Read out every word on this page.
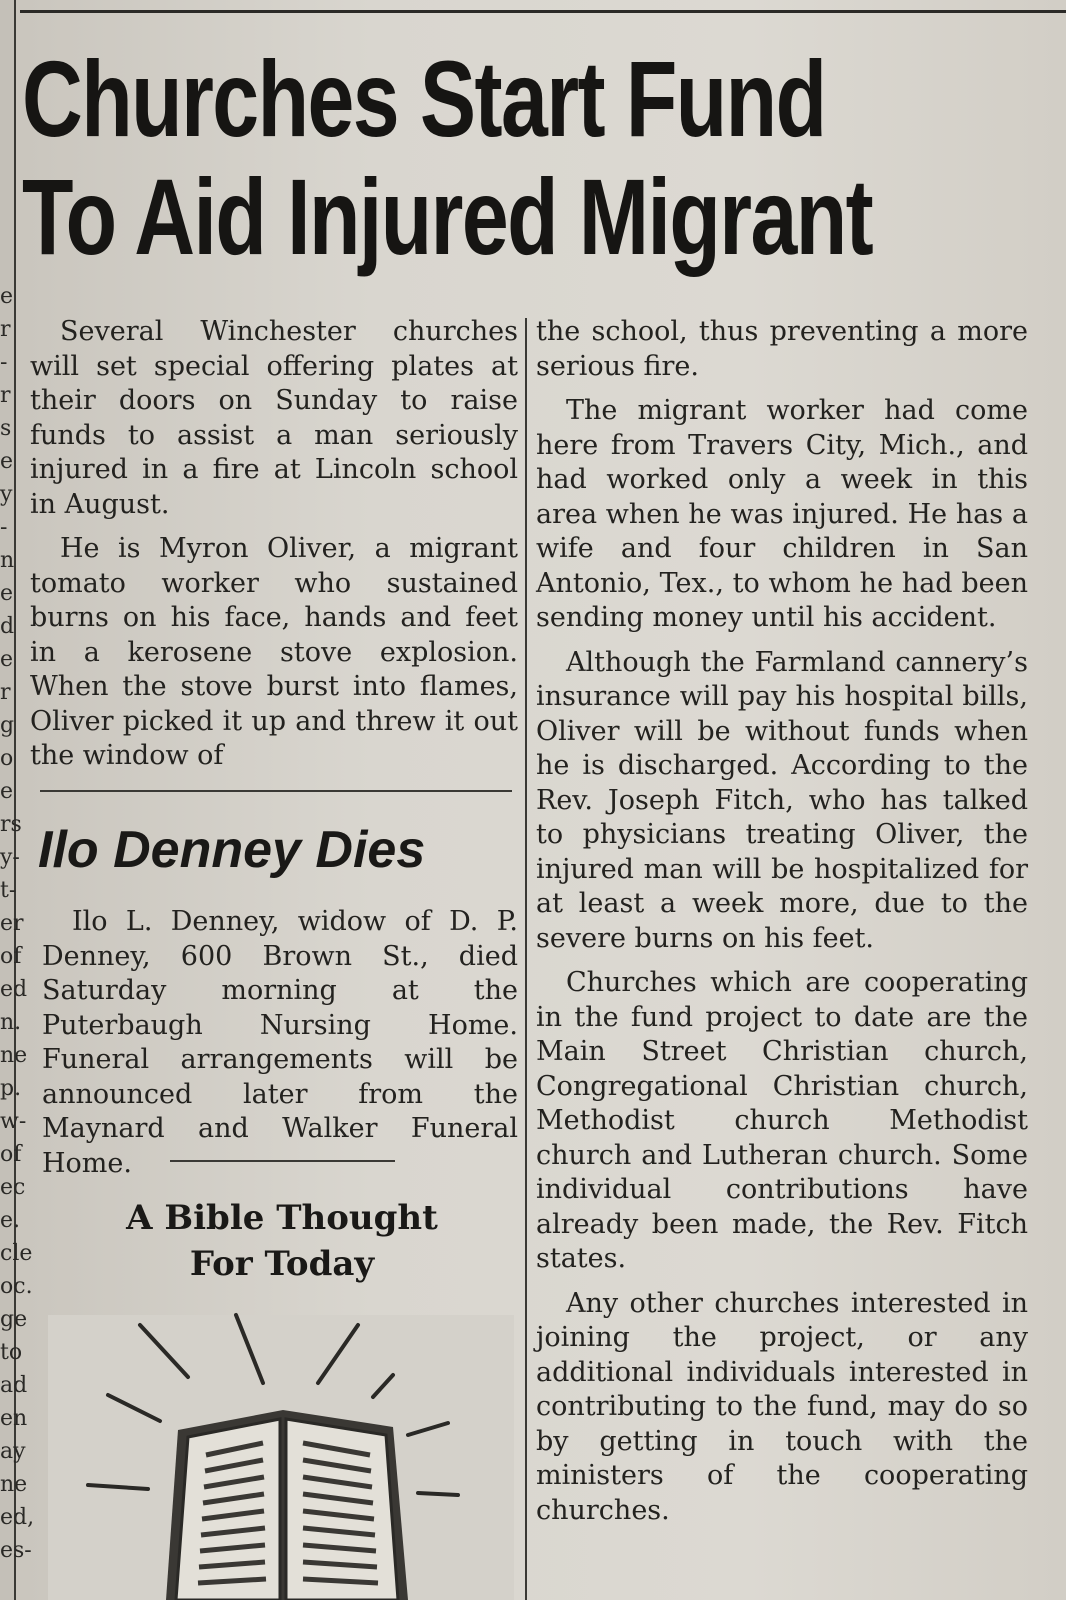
e
r
-
r
s
e
y
-
n
e
d
e
r
g
o
e
rs
y-
t-
er
of
ed
n.
ne
p.
w-
of
ec
e.
cle
oc.
ge
to
ad
en
ay
ne
ed,
es-
Churches Start Fund
To Aid Injured Migrant

Several Winchester churches will set special offering plates at their doors on Sunday to raise funds to assist a man seriously injured in a fire at Lincoln school in August.

He is Myron Oliver, a migrant tomato worker who sustained burns on his face, hands and feet in a kerosene stove explosion. When the stove burst into flames, Oliver picked it up and threw it out the window of

the school, thus preventing a more serious fire.

The migrant worker had come here from Travers City, Mich., and had worked only a week in this area when he was injured. He has a wife and four children in San Antonio, Tex., to whom he had been sending money until his accident.

Although the Farmland cannery’s insurance will pay his hospital bills, Oliver will be without funds when he is discharged. According to the Rev. Joseph Fitch, who has talked to physicians treating Oliver, the injured man will be hospitalized for at least a week more, due to the severe burns on his feet.

Churches which are cooperating in the fund project to date are the Main Street Christian church, Congregational Christian church, Methodist church Methodist church and Lutheran church. Some individual contributions have already been made, the Rev. Fitch states.

Any other churches interested in joining the project, or any additional individuals interested in contributing to the fund, may do so by getting in touch with the ministers of the cooperating churches.

Ilo Denney Dies

Ilo L. Denney, widow of D. P. Denney, 600 Brown St., died Saturday morning at the Puterbaugh Nursing Home. Funeral arrangements will be announced later from the Maynard and Walker Funeral Home.

A Bible Thought
For Today
